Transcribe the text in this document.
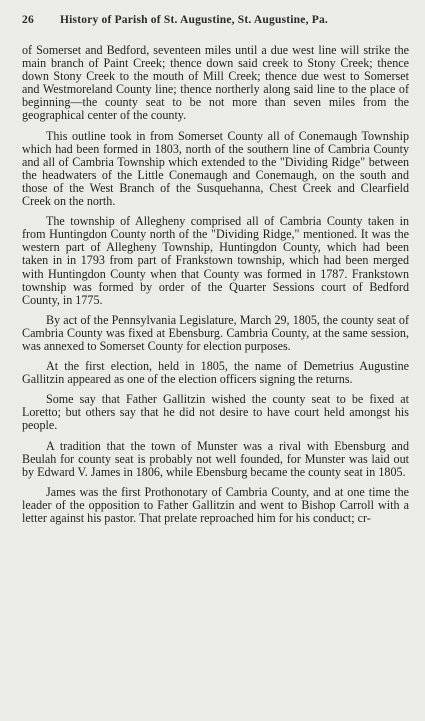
26	History of Parish of St. Augustine, St. Augustine, Pa.

of Somerset and Bedford, seventeen miles until a due west line will strike the main branch of Paint Creek; thence down said creek to Stony Creek; thence down Stony Creek to the mouth of Mill Creek; thence due west to Somerset and Westmoreland County line; thence northerly along said line to the place of beginning—the county seat to be not more than seven miles from the geographical center of the county.

This outline took in from Somerset County all of Conemaugh Township which had been formed in 1803, north of the southern line of Cambria County and all of Cambria Township which extended to the "Dividing Ridge" between the headwaters of the Little Conemaugh and Conemaugh, on the south and those of the West Branch of the Susquehanna, Chest Creek and Clearfield Creek on the north.

The township of Allegheny comprised all of Cambria County taken in from Huntingdon County north of the "Dividing Ridge," mentioned. It was the western part of Allegheny Township, Huntingdon County, which had been taken in in 1793 from part of Frankstown township, which had been merged with Huntingdon County when that County was formed in 1787. Frankstown township was formed by order of the Quarter Sessions court of Bedford County, in 1775.

By act of the Pennsylvania Legislature, March 29, 1805, the county seat of Cambria County was fixed at Ebensburg. Cambria County, at the same session, was annexed to Somerset County for election purposes.

At the first election, held in 1805, the name of Demetrius Augustine Gallitzin appeared as one of the election officers signing the returns.

Some say that Father Gallitzin wished the county seat to be fixed at Loretto; but others say that he did not desire to have court held amongst his people.

A tradition that the town of Munster was a rival with Ebensburg and Beulah for county seat is probably not well founded, for Munster was laid out by Edward V. James in 1806, while Ebensburg became the county seat in 1805.

James was the first Prothonotary of Cambria County, and at one time the leader of the opposition to Father Gallitzin and went to Bishop Carroll with a letter against his pastor. That prelate reproached him for his conduct; cr-
